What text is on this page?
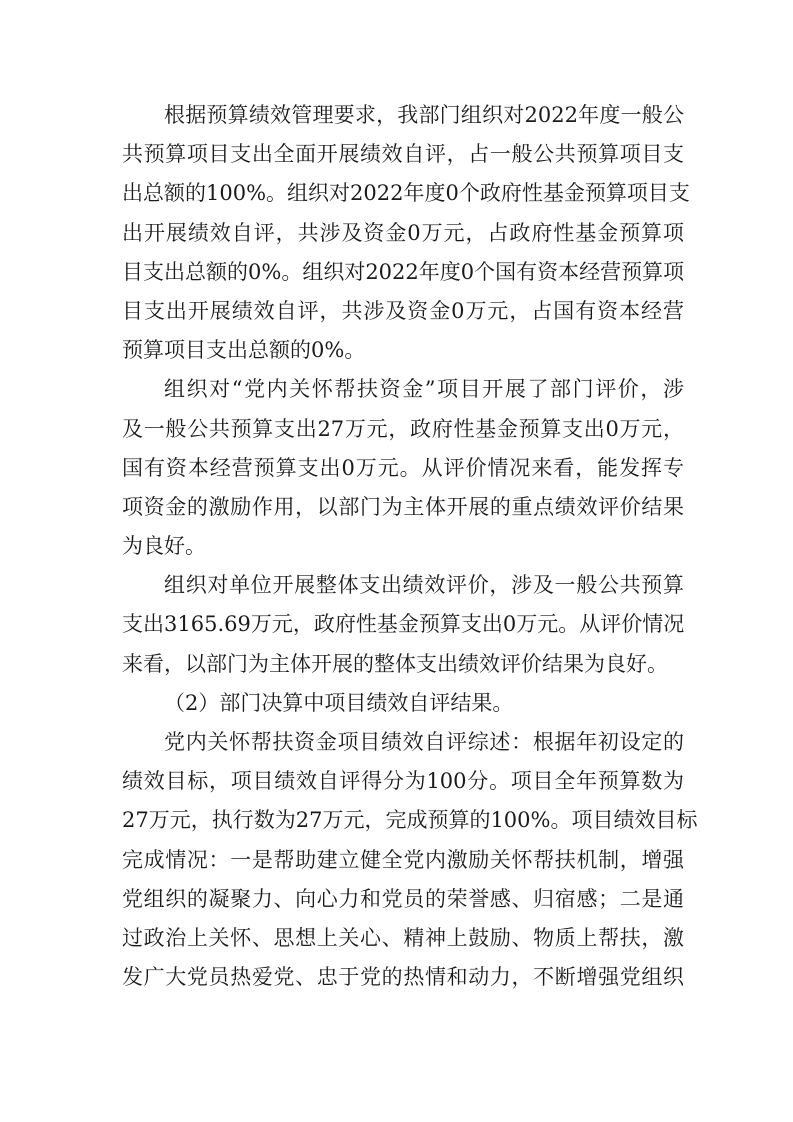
根据预算绩效管理要求，我部门组织对2022年度一般公
共预算项目支出全面开展绩效自评，占一般公共预算项目支
出总额的100%。组织对2022年度0个政府性基金预算项目支
出开展绩效自评，共涉及资金0万元，占政府性基金预算项
目支出总额的0%。组织对2022年度0个国有资本经营预算项
目支出开展绩效自评，共涉及资金0万元，占国有资本经营
预算项目支出总额的0%。
组织对“党内关怀帮扶资金”项目开展了部门评价，涉
及一般公共预算支出27万元，政府性基金预算支出0万元，
国有资本经营预算支出0万元。从评价情况来看，能发挥专
项资金的激励作用，以部门为主体开展的重点绩效评价结果
为良好。
组织对单位开展整体支出绩效评价，涉及一般公共预算
支出3165.69万元，政府性基金预算支出0万元。从评价情况
来看，以部门为主体开展的整体支出绩效评价结果为良好。
（2）部门决算中项目绩效自评结果。
党内关怀帮扶资金项目绩效自评综述：根据年初设定的
绩效目标，项目绩效自评得分为100分。项目全年预算数为
27万元，执行数为27万元，完成预算的100%。项目绩效目标
完成情况：一是帮助建立健全党内激励关怀帮扶机制，增强
党组织的凝聚力、向心力和党员的荣誉感、归宿感；二是通
过政治上关怀、思想上关心、精神上鼓励、物质上帮扶，激
发广大党员热爱党、忠于党的热情和动力，不断增强党组织
